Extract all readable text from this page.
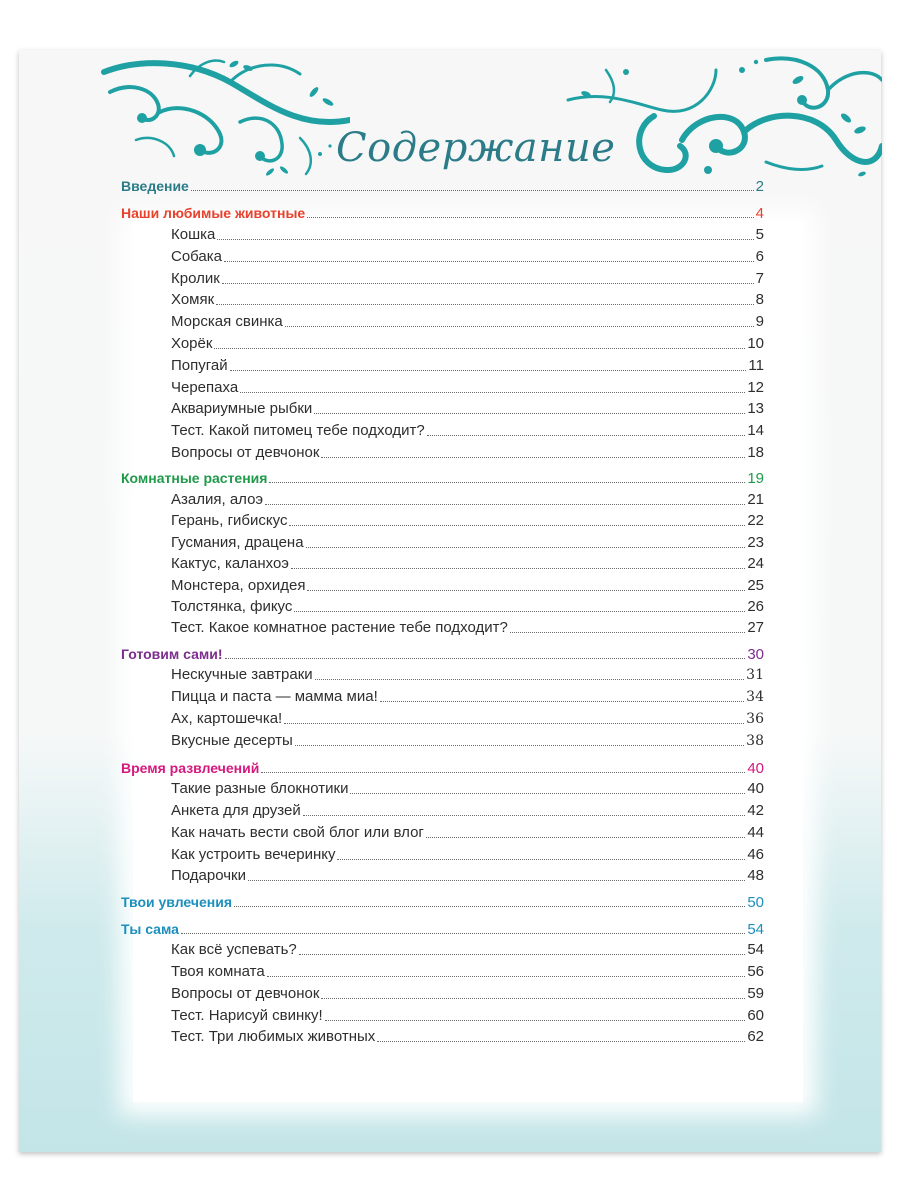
Содержание
Введение	2
Наши любимые животные	4
Кошка	5
Собака	6
Кролик	7
Хомяк	8
Морская свинка	9
Хорёк	10
Попугай	11
Черепаха	12
Аквариумные рыбки	13
Тест. Какой питомец тебе подходит?	14
Вопросы от девчонок	18
Комнатные растения	19
Азалия, алоэ	21
Герань, гибискус	22
Гусмания, драцена	23
Кактус, каланхоэ	24
Монстера, орхидея	25
Толстянка, фикус	26
Тест. Какое комнатное растение тебе подходит?	27
Готовим сами!	30
Нескучные завтраки	31
Пицца и паста — мамма миа!	34
Ах, картошечка!	36
Вкусные десерты	38
Время развлечений	40
Такие разные блокнотики	40
Анкета для друзей	42
Как начать вести свой блог или влог	44
Как устроить вечеринку	46
Подарочки	48
Твои увлечения	50
Ты сама	54
Как всё успевать?	54
Твоя комната	56
Вопросы от девчонок	59
Тест. Нарисуй свинку!	60
Тест. Три любимых животных	62
